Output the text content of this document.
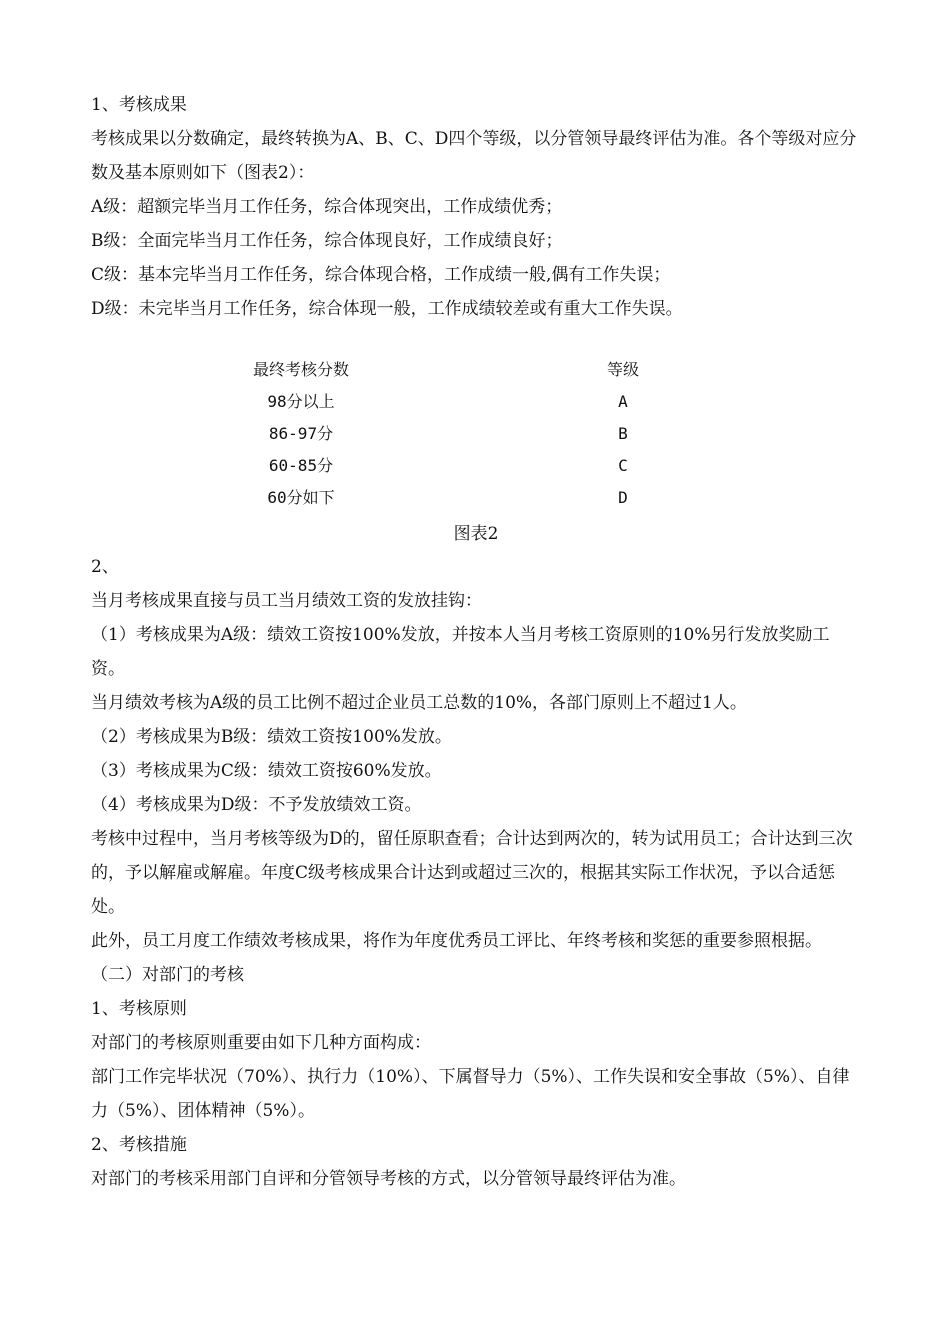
1、考核成果

考核成果以分数确定，最终转换为A、B、C、D四个等级，以分管领导最终评估为准。各个等级对应分数及基本原则如下（图表2）：

A级：超额完毕当月工作任务，综合体现突出，工作成绩优秀；

B级：全面完毕当月工作任务，综合体现良好，工作成绩良好；

C级：基本完毕当月工作任务，综合体现合格，工作成绩一般,偶有工作失误；

D级：未完毕当月工作任务，综合体现一般，工作成绩较差或有重大工作失误。

最终考核分数	等级
98分以上	A
86-97分	B
60-85分	C
60分如下	D

图表2

2、

当月考核成果直接与员工当月绩效工资的发放挂钩：

（1）考核成果为A级：绩效工资按100%发放，并按本人当月考核工资原则的10%另行发放奖励工资。

当月绩效考核为A级的员工比例不超过企业员工总数的10%，各部门原则上不超过1人。

（2）考核成果为B级：绩效工资按100%发放。

（3）考核成果为C级：绩效工资按60%发放。

（4）考核成果为D级：不予发放绩效工资。

考核中过程中，当月考核等级为D的，留任原职查看；合计达到两次的，转为试用员工；合计达到三次的，予以解雇或解雇。年度C级考核成果合计达到或超过三次的，根据其实际工作状况，予以合适惩处。

此外，员工月度工作绩效考核成果，将作为年度优秀员工评比、年终考核和奖惩的重要参照根据。

（二）对部门的考核

1、考核原则

对部门的考核原则重要由如下几种方面构成：

部门工作完毕状况（70%）、执行力（10%）、下属督导力（5%）、工作失误和安全事故（5%）、自律力（5%）、团体精神（5%）。

2、考核措施

对部门的考核采用部门自评和分管领导考核的方式，以分管领导最终评估为准。
